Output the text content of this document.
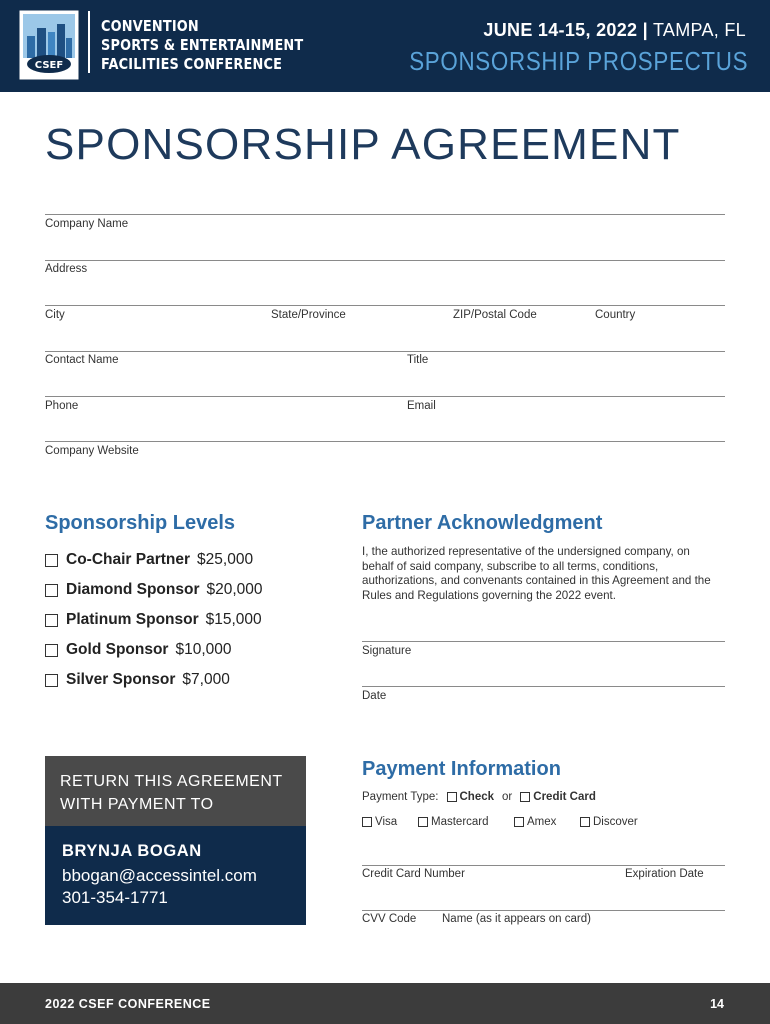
CSEF
CONVENTION
SPORTS & ENTERTAINMENT
FACILITIES CONFERENCE
JUNE 14-15, 2022 | TAMPA, FL
SPONSORSHIP PROSPECTUS
SPONSORSHIP AGREEMENT
Company Name
Address
City	State/Province	ZIP/Postal Code	Country
Contact Name	Title
Phone	Email
Company Website
Sponsorship Levels
Co-Chair Partner $25,000
Diamond Sponsor $20,000
Platinum Sponsor $15,000
Gold Sponsor $10,000
Silver Sponsor $7,000
Partner Acknowledgment

I, the authorized representative of the undersigned company, on behalf of said company, subscribe to all terms, conditions, authorizations, and convenants contained in this Agreement and the Rules and Regulations governing the 2022 event.

Signature
Date
RETURN THIS AGREEMENT
WITH PAYMENT TO
BRYNJA BOGAN
bbogan@accessintel.com
301-354-1771
Payment Information
Payment Type: Check or Credit Card
Visa	Mastercard	Amex	Discover
Credit Card Number	Expiration Date
CVV Code Name (as it appears on card)
2022 CSEF CONFERENCE	14
